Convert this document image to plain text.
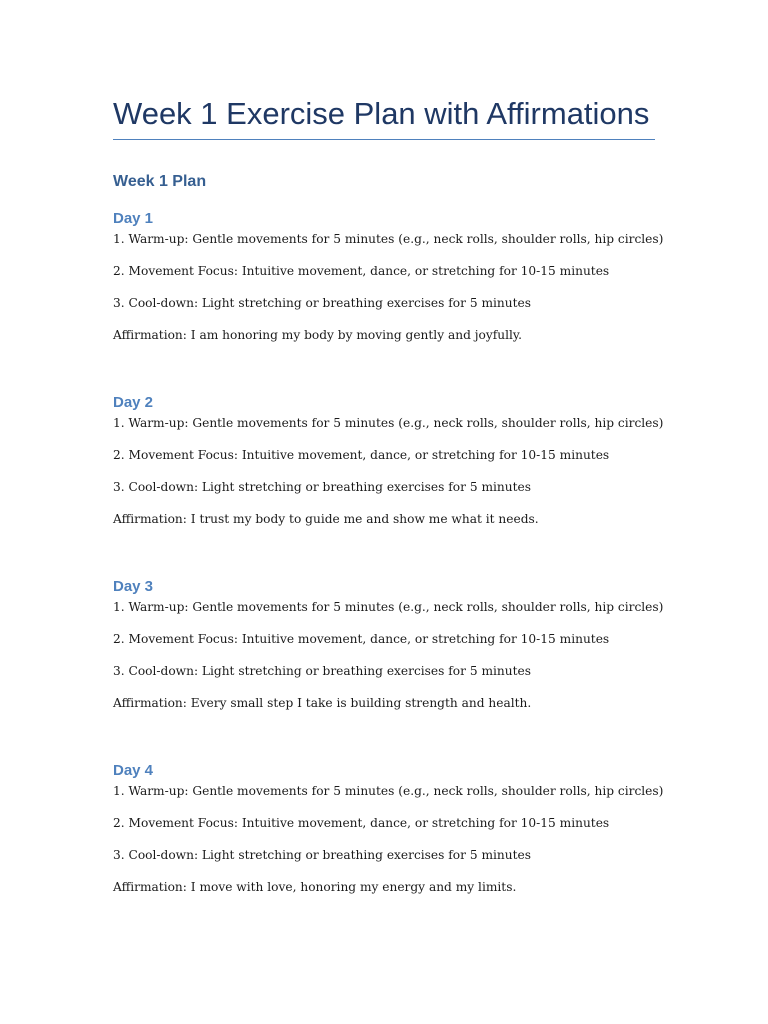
Week 1 Exercise Plan with Affirmations
Week 1 Plan
Day 1

1. Warm-up: Gentle movements for 5 minutes (e.g., neck rolls, shoulder rolls, hip circles)

2. Movement Focus: Intuitive movement, dance, or stretching for 10-15 minutes

3. Cool-down: Light stretching or breathing exercises for 5 minutes

Affirmation: I am honoring my body by moving gently and joyfully.

Day 2

1. Warm-up: Gentle movements for 5 minutes (e.g., neck rolls, shoulder rolls, hip circles)

2. Movement Focus: Intuitive movement, dance, or stretching for 10-15 minutes

3. Cool-down: Light stretching or breathing exercises for 5 minutes

Affirmation: I trust my body to guide me and show me what it needs.

Day 3

1. Warm-up: Gentle movements for 5 minutes (e.g., neck rolls, shoulder rolls, hip circles)

2. Movement Focus: Intuitive movement, dance, or stretching for 10-15 minutes

3. Cool-down: Light stretching or breathing exercises for 5 minutes

Affirmation: Every small step I take is building strength and health.

Day 4

1. Warm-up: Gentle movements for 5 minutes (e.g., neck rolls, shoulder rolls, hip circles)

2. Movement Focus: Intuitive movement, dance, or stretching for 10-15 minutes

3. Cool-down: Light stretching or breathing exercises for 5 minutes

Affirmation: I move with love, honoring my energy and my limits.
